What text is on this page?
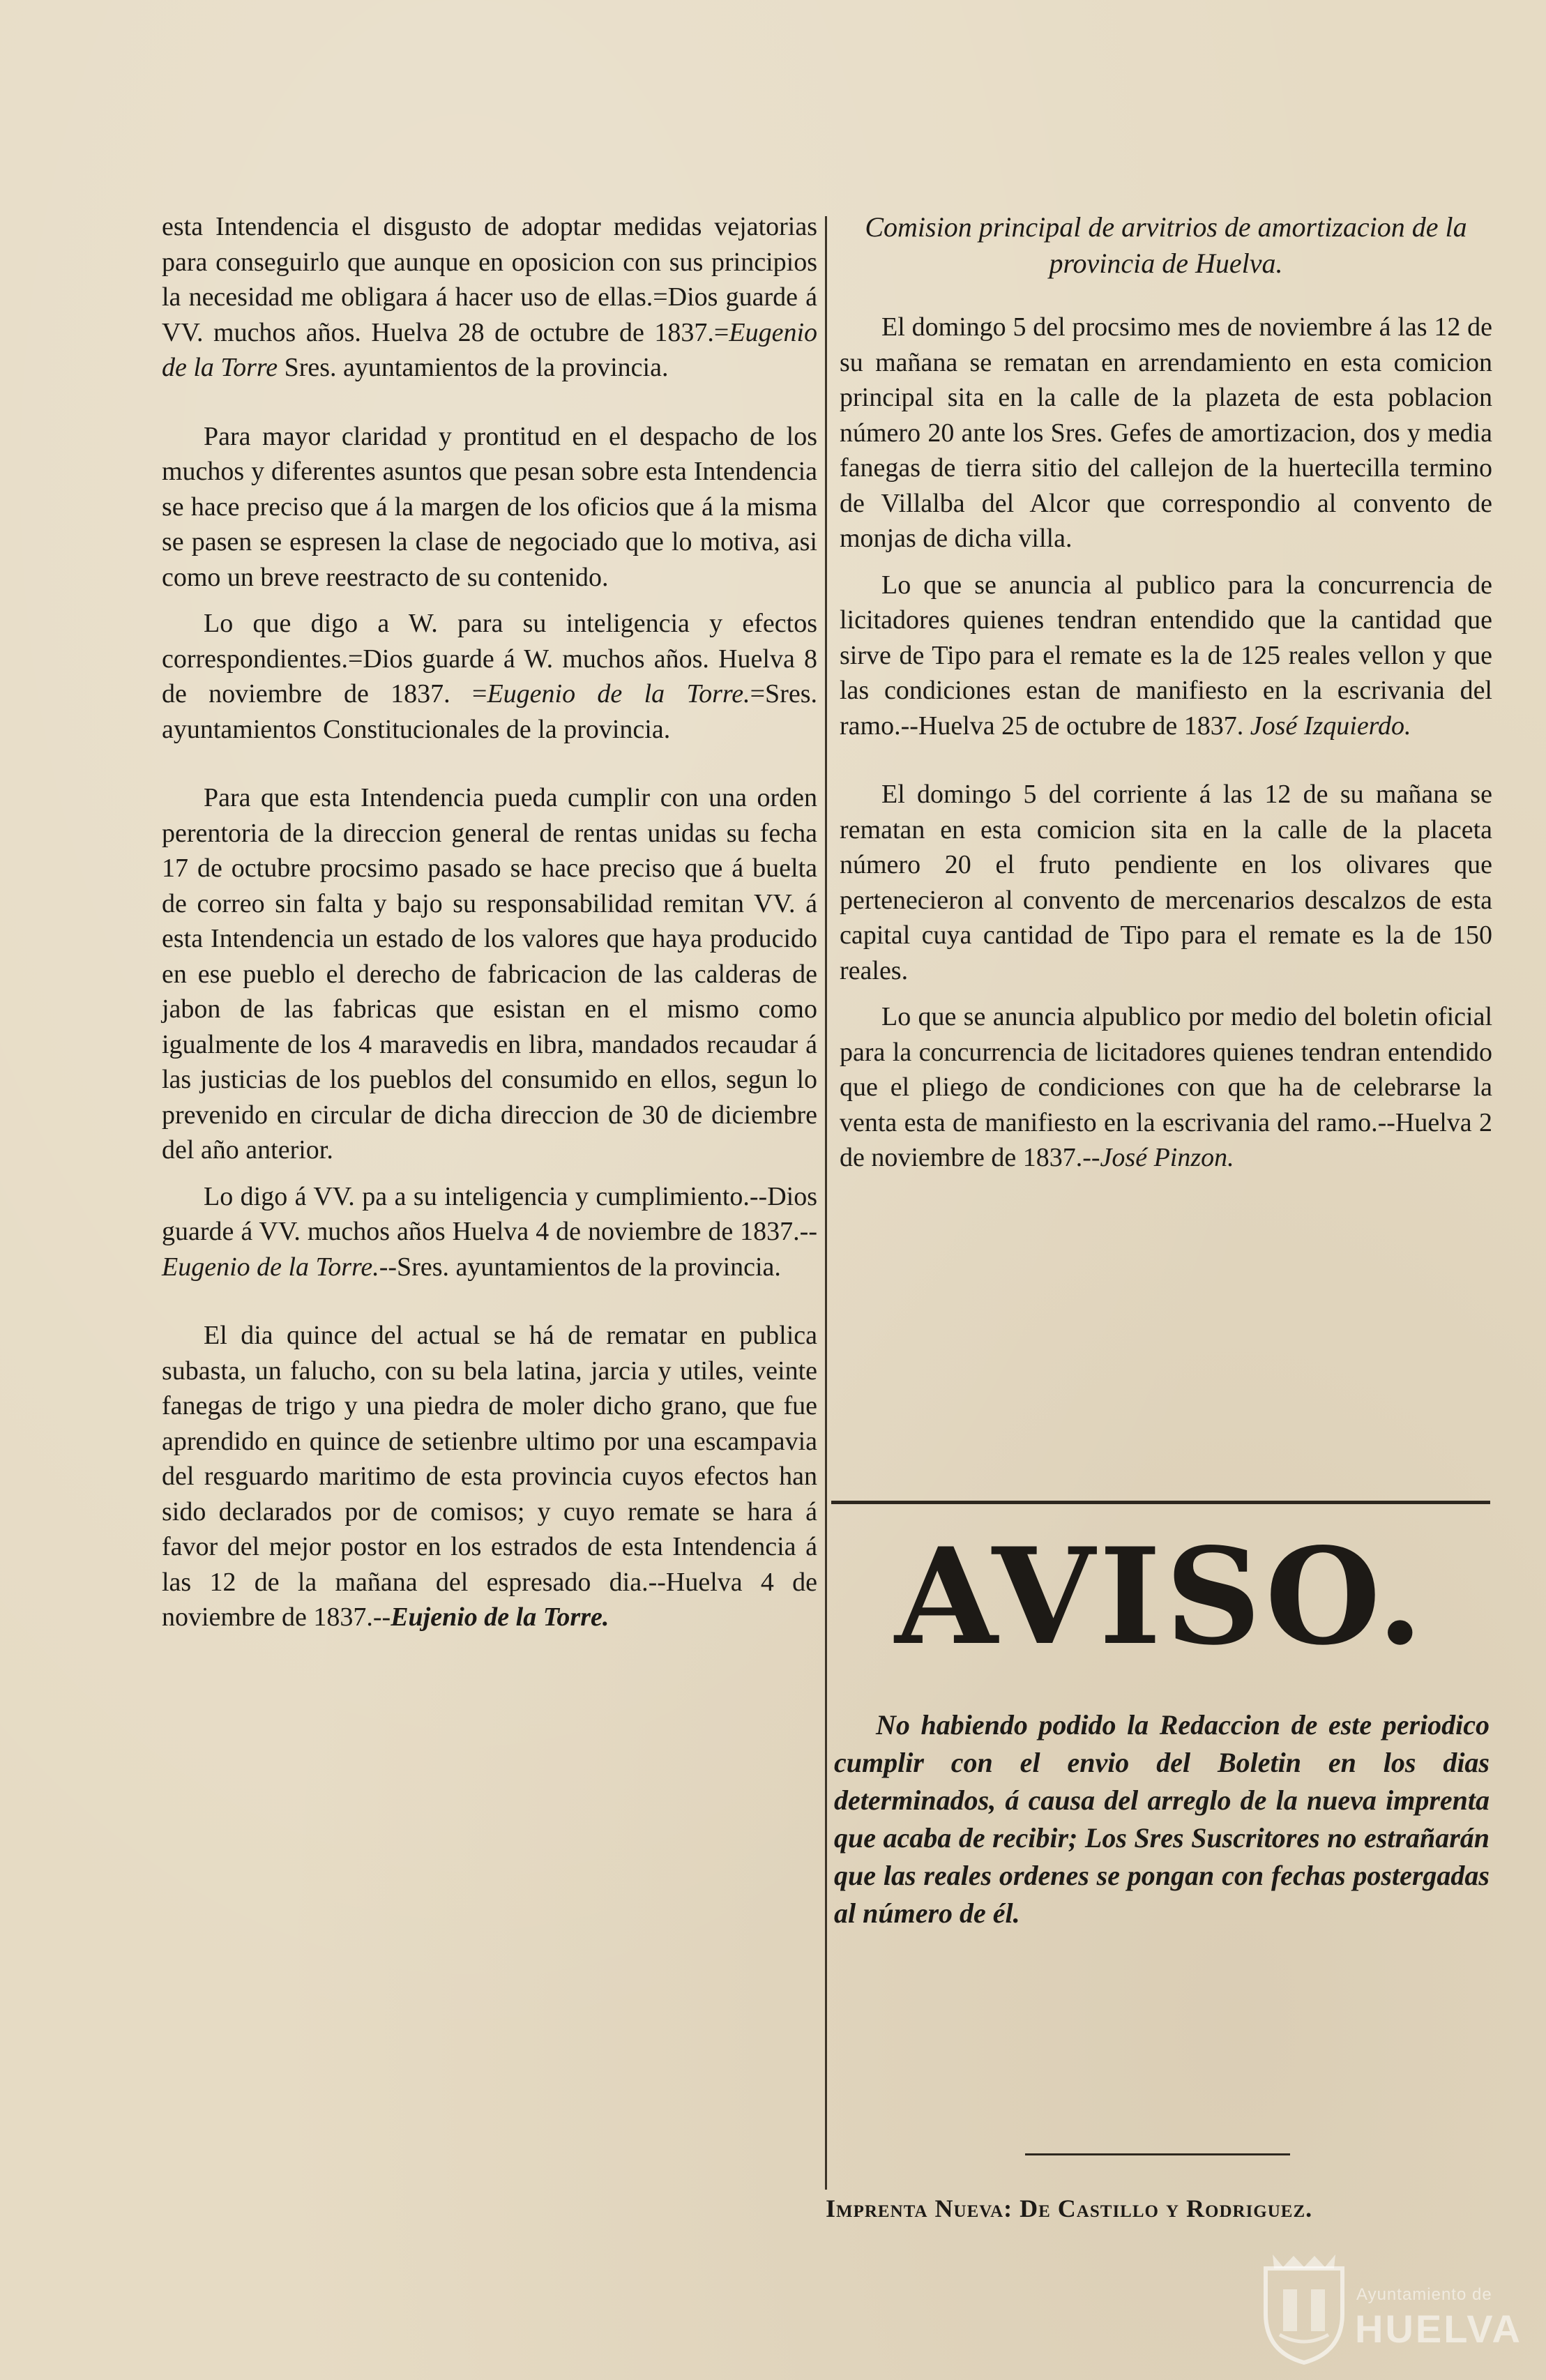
esta Intendencia el disgusto de adoptar medidas vejatorias para conseguirlo que aunque en oposicion con sus principios la necesidad me obligara á hacer uso de ellas.=Dios guarde á VV. muchos años. Huelva 28 de octubre de 1837.=Eugenio de la Torre Sres. ayuntamientos de la provincia.

Para mayor claridad y prontitud en el despacho de los muchos y diferentes asuntos que pesan sobre esta Intendencia se hace preciso que á la margen de los oficios que á la misma se pasen se espresen la clase de negociado que lo motiva, asi como un breve reestracto de su contenido.

Lo que digo a W. para su inteligencia y efectos correspondientes.=Dios guarde á W. muchos años. Huelva 8 de noviembre de 1837. =Eugenio de la Torre.=Sres. ayuntamientos Constitucionales de la provincia.

Para que esta Intendencia pueda cumplir con una orden perentoria de la direccion general de rentas unidas su fecha 17 de octubre procsimo pasado se hace preciso que á buelta de correo sin falta y bajo su responsabilidad remitan VV. á esta Intendencia un estado de los valores que haya producido en ese pueblo el derecho de fabricacion de las calderas de jabon de las fabricas que esistan en el mismo como igualmente de los 4 maravedis en libra, mandados recaudar á las justicias de los pueblos del consumido en ellos, segun lo prevenido en circular de dicha direccion de 30 de diciembre del año anterior.

Lo digo á VV. pa a su inteligencia y cumplimiento.--Dios guarde á VV. muchos años Huelva 4 de noviembre de 1837.--Eugenio de la Torre.--Sres. ayuntamientos de la provincia.

El dia quince del actual se há de rematar en publica subasta, un falucho, con su bela latina, jarcia y utiles, veinte fanegas de trigo y una piedra de moler dicho grano, que fue aprendido en quince de setienbre ultimo por una escampavia del resguardo maritimo de esta provincia cuyos efectos han sido declarados por de comisos; y cuyo remate se hara á favor del mejor postor en los estrados de esta Intendencia á las 12 de la mañana del espresado dia.--Huelva 4 de noviembre de 1837.--Eujenio de la Torre.

Comision principal de arvitrios de amortizacion de la provincia de Huelva.

El domingo 5 del procsimo mes de noviembre á las 12 de su mañana se rematan en arrendamiento en esta comicion principal sita en la calle de la plazeta de esta poblacion número 20 ante los Sres. Gefes de amortizacion, dos y media fanegas de tierra sitio del callejon de la huertecilla termino de Villalba del Alcor que correspondio al convento de monjas de dicha villa.

Lo que se anuncia al publico para la concurrencia de licitadores quienes tendran entendido que la cantidad que sirve de Tipo para el remate es la de 125 reales vellon y que las condiciones estan de manifiesto en la escrivania del ramo.--Huelva 25 de octubre de 1837. José Izquierdo.

El domingo 5 del corriente á las 12 de su mañana se rematan en esta comicion sita en la calle de la placeta número 20 el fruto pendiente en los olivares que pertenecieron al convento de mercenarios descalzos de esta capital cuya cantidad de Tipo para el remate es la de 150 reales.

Lo que se anuncia alpublico por medio del boletin oficial para la concurrencia de licitadores quienes tendran entendido que el pliego de condiciones con que ha de celebrarse la venta esta de manifiesto en la escrivania del ramo.--Huelva 2 de noviembre de 1837.--José Pinzon.

AVISO.

No habiendo podido la Redaccion de este periodico cumplir con el envio del Boletin en los dias determinados, á causa del arreglo de la nueva imprenta que acaba de recibir; Los Sres Suscritores no estrañarán que las reales ordenes se pongan con fechas postergadas al número de él.

Imprenta Nueva: De Castillo y Rodriguez.
Ayuntamiento de
HUELVA
